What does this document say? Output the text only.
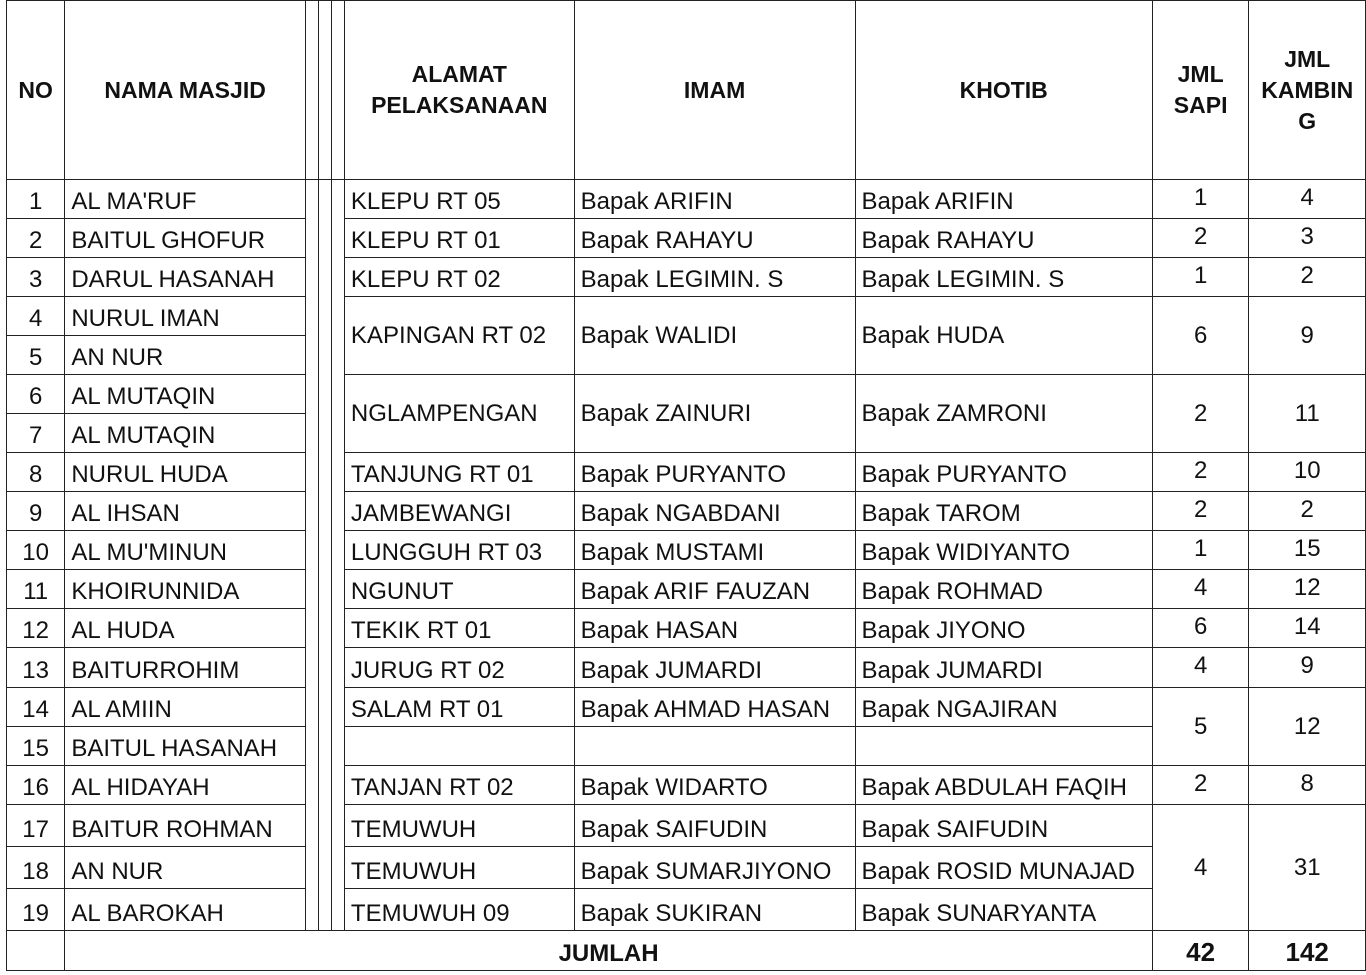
NO	NAMA MASJID				ALAMAT PELAKSANAAN	IMAM	KHOTIB	JML SAPI	JML KAMBIN G
1	AL MA'RUF				KLEPU RT 05	Bapak ARIFIN	Bapak ARIFIN	1	4
2	BAITUL GHOFUR				KLEPU RT 01	Bapak RAHAYU	Bapak RAHAYU	2	3
3	DARUL HASANAH				KLEPU RT 02	Bapak LEGIMIN. S	Bapak LEGIMIN. S	1	2
4	NURUL IMAN				KAPINGAN RT 02	Bapak WALIDI	Bapak HUDA	6	9
5	AN NUR								
6	AL MUTAQIN				NGLAMPENGAN	Bapak ZAINURI	Bapak ZAMRONI	2	11
7	AL MUTAQIN								
8	NURUL HUDA				TANJUNG RT 01	Bapak PURYANTO	Bapak PURYANTO	2	10
9	AL IHSAN				JAMBEWANGI	Bapak NGABDANI	Bapak TAROM	2	2
10	AL MU'MINUN				LUNGGUH RT 03	Bapak MUSTAMI	Bapak WIDIYANTO	1	15
11	KHOIRUNNIDA				NGUNUT	Bapak ARIF FAUZAN	Bapak ROHMAD	4	12
12	AL HUDA				TEKIK RT 01	Bapak HASAN	Bapak JIYONO	6	14
13	BAITURROHIM				JURUG RT 02	Bapak JUMARDI	Bapak JUMARDI	4	9
14	AL AMIIN				SALAM RT 01	Bapak AHMAD HASAN	Bapak NGAJIRAN	5	12
15	BAITUL HASANAH								
16	AL HIDAYAH				TANJAN RT 02	Bapak WIDARTO	Bapak ABDULAH FAQIH	2	8
17	BAITUR ROHMAN				TEMUWUH	Bapak SAIFUDIN	Bapak SAIFUDIN	4	31
18	AN NUR				TEMUWUH	Bapak SUMARJIYONO	Bapak ROSID MUNAJAD		
19	AL BAROKAH				TEMUWUH 09	Bapak SUKIRAN	Bapak SUNARYANTA		
	JUMLAH							42	142
